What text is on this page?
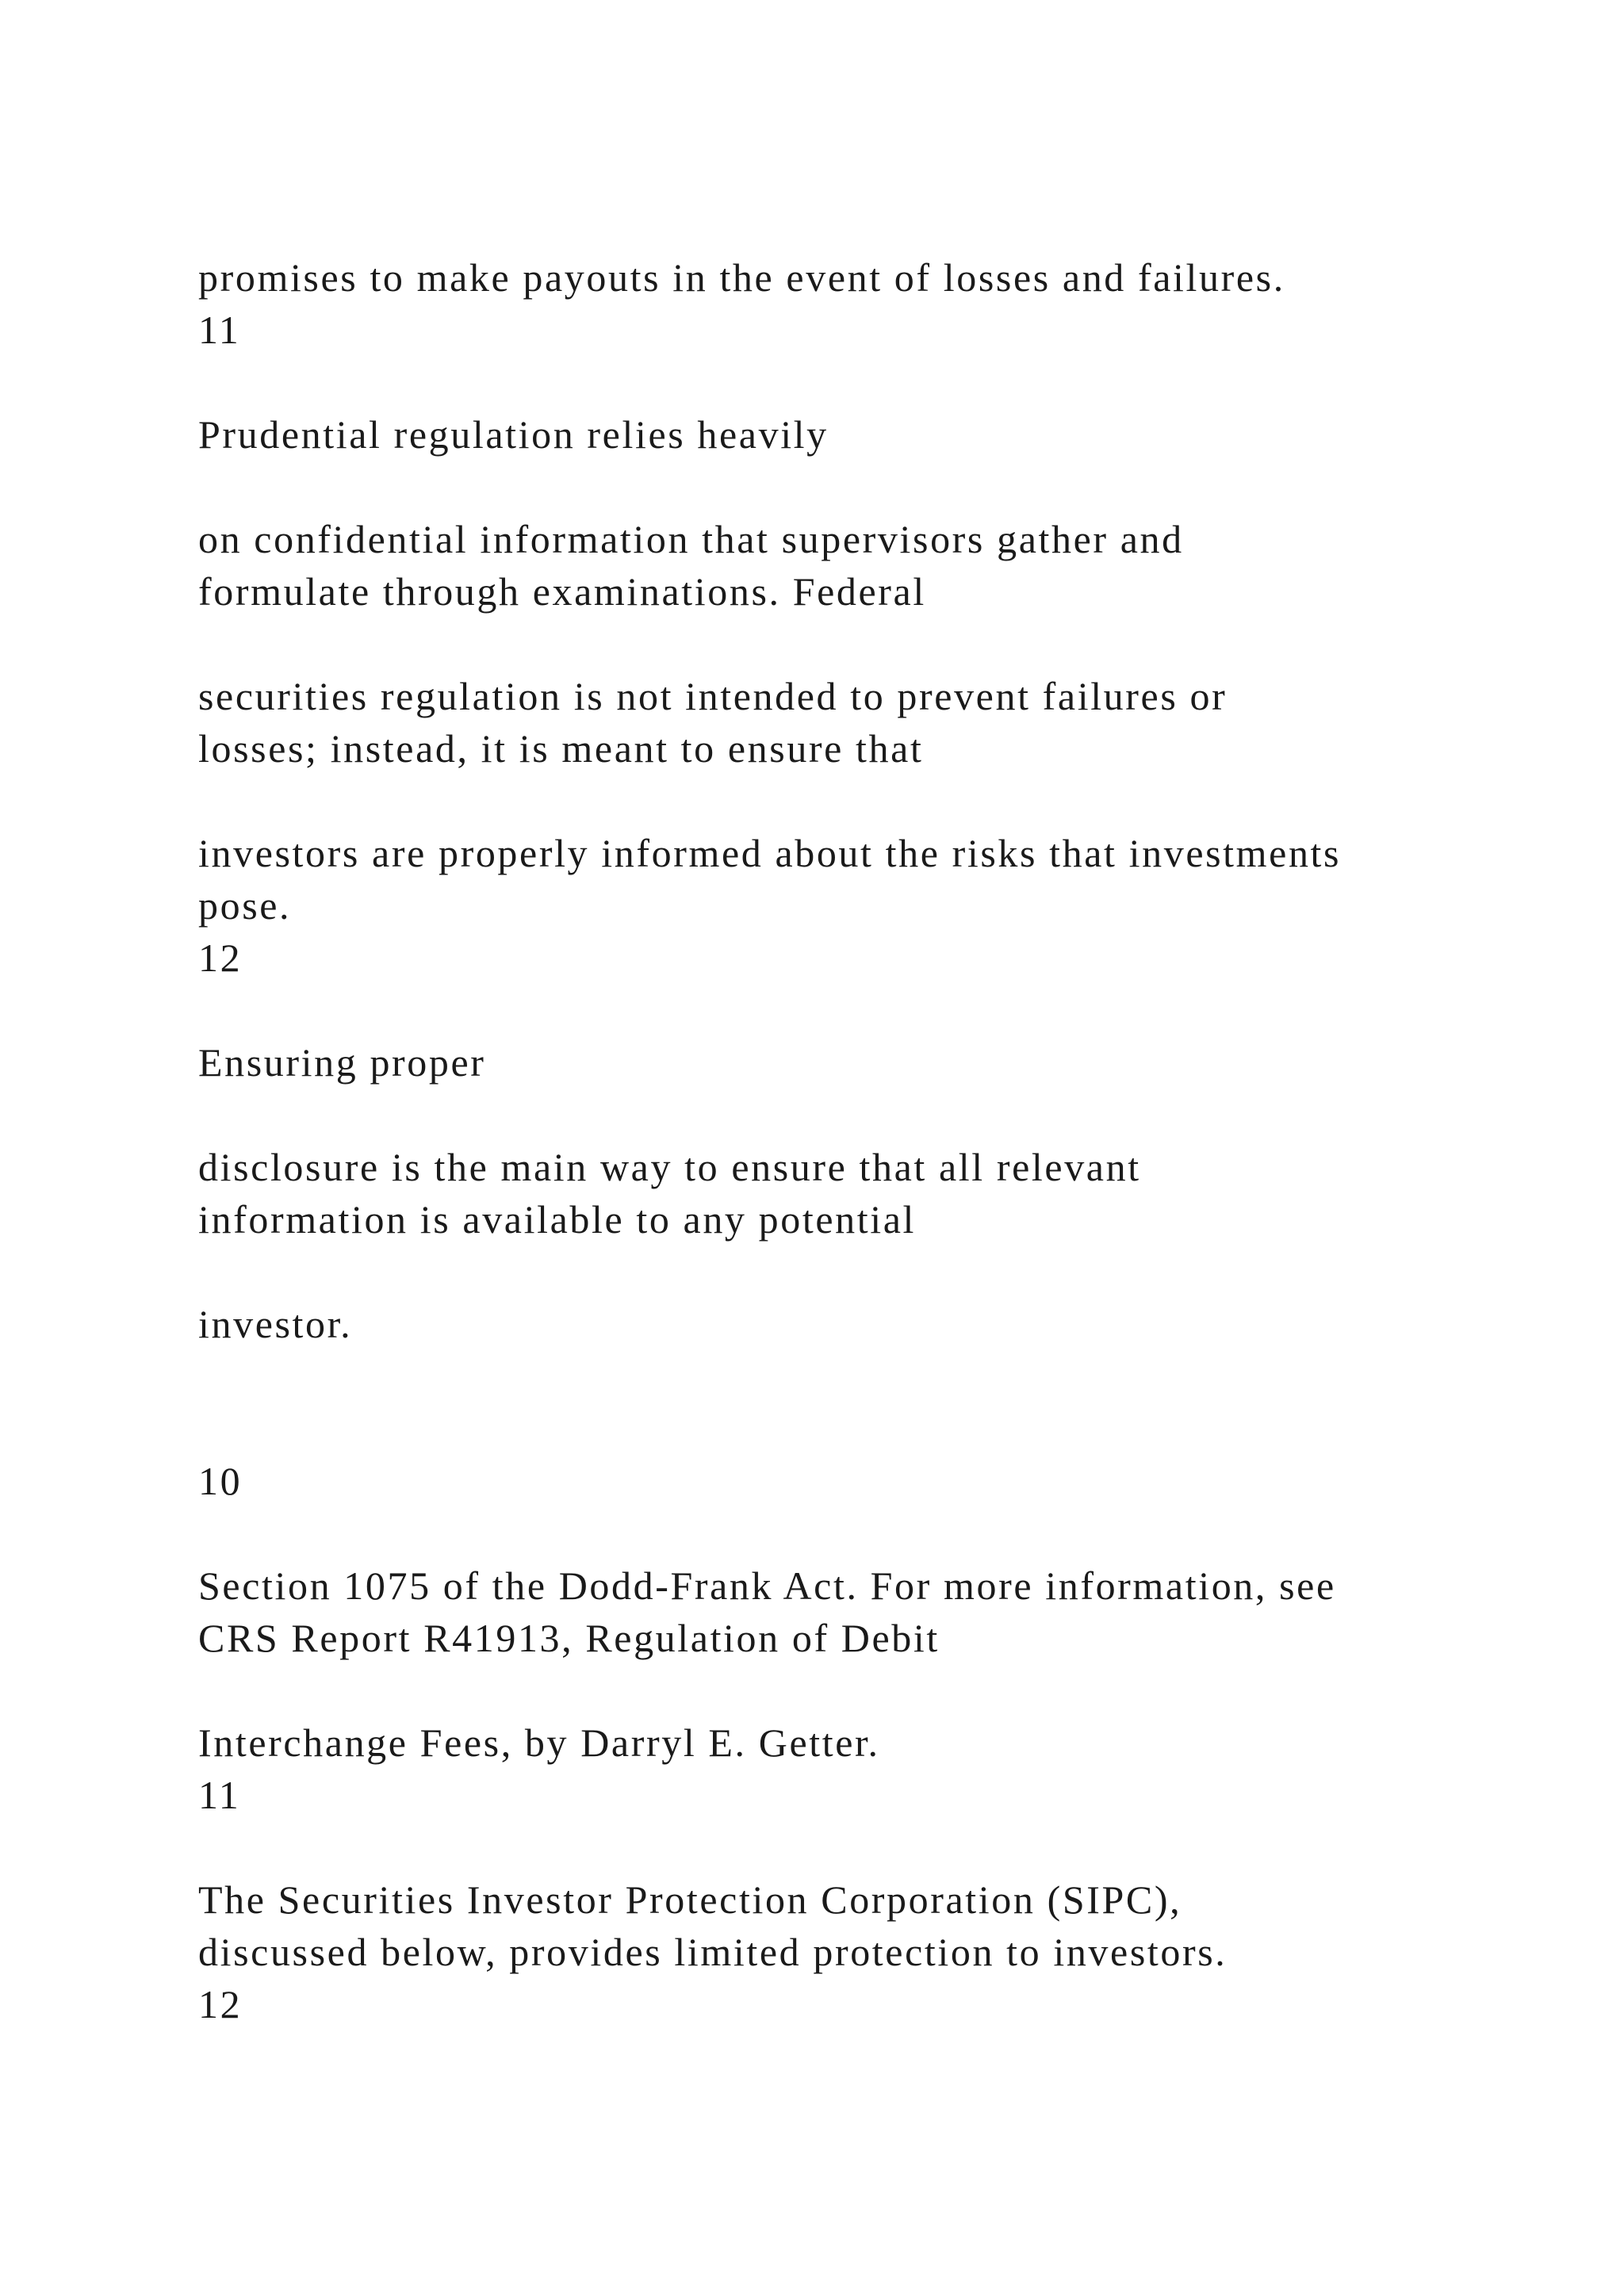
promises to make payouts in the event of losses and failures.

11

Prudential regulation relies heavily

on confidential information that supervisors gather and

formulate through examinations. Federal

securities regulation is not intended to prevent failures or

losses; instead, it is meant to ensure that

investors are properly informed about the risks that investments

pose.

12

Ensuring proper

disclosure is the main way to ensure that all relevant

information is available to any potential

investor.

10

Section 1075 of the Dodd-Frank Act. For more information, see

CRS Report R41913, Regulation of Debit

Interchange Fees, by Darryl E. Getter.

11

The Securities Investor Protection Corporation (SIPC),

discussed below, provides limited protection to investors.

12
